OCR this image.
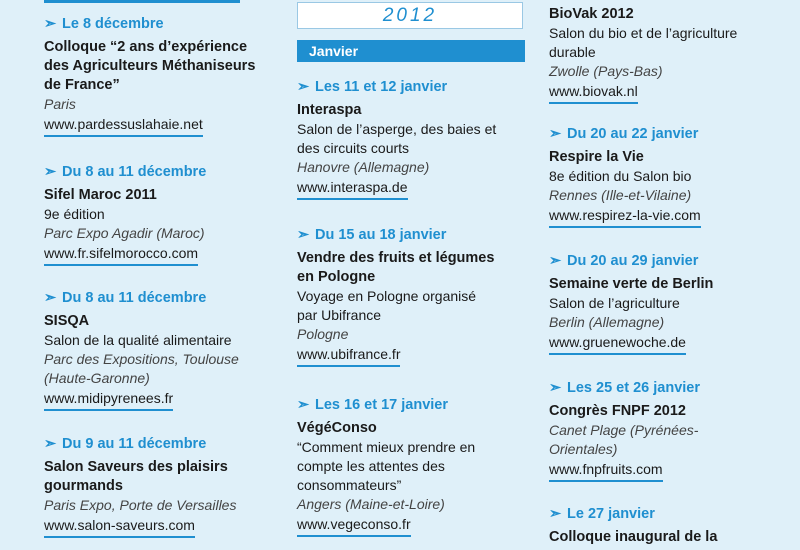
2012
Janvier
➣ Le 8 décembre
Colloque “2 ans d’expérience
des Agriculteurs Méthaniseurs
de France”
Paris
www.pardessuslahaie.net
➣ Du 8 au 11 décembre
Sifel Maroc 2011
9e édition
Parc Expo Agadir (Maroc)
www.fr.sifelmorocco.com
➣ Du 8 au 11 décembre
SISQA
Salon de la qualité alimentaire
Parc des Expositions, Toulouse
(Haute-Garonne)
www.midipyrenees.fr
➣ Du 9 au 11 décembre
Salon Saveurs des plaisirs
gourmands
Paris Expo, Porte de Versailles
www.salon-saveurs.com
➣ Les 11 et 12 janvier
Interaspa
Salon de l’asperge, des baies et
des circuits courts
Hanovre (Allemagne)
www.interaspa.de
➣ Du 15 au 18 janvier
Vendre des fruits et légumes
en Pologne
Voyage en Pologne organisé
par Ubifrance
Pologne
www.ubifrance.fr
➣ Les 16 et 17 janvier
VégéConso
“Comment mieux prendre en
compte les attentes des
consommateurs”
Angers (Maine-et-Loire)
www.vegeconso.fr
BioVak 2012
Salon du bio et de l’agriculture
durable
Zwolle (Pays-Bas)
www.biovak.nl
➣ Du 20 au 22 janvier
Respire la Vie
8e édition du Salon bio
Rennes (Ille-et-Vilaine)
www.respirez-la-vie.com
➣ Du 20 au 29 janvier
Semaine verte de Berlin
Salon de l’agriculture
Berlin (Allemagne)
www.gruenewoche.de
➣ Les 25 et 26 janvier
Congrès FNPF 2012
Canet Plage (Pyrénées-
Orientales)
www.fnpfruits.com
➣ Le 27 janvier
Colloque inaugural de la
